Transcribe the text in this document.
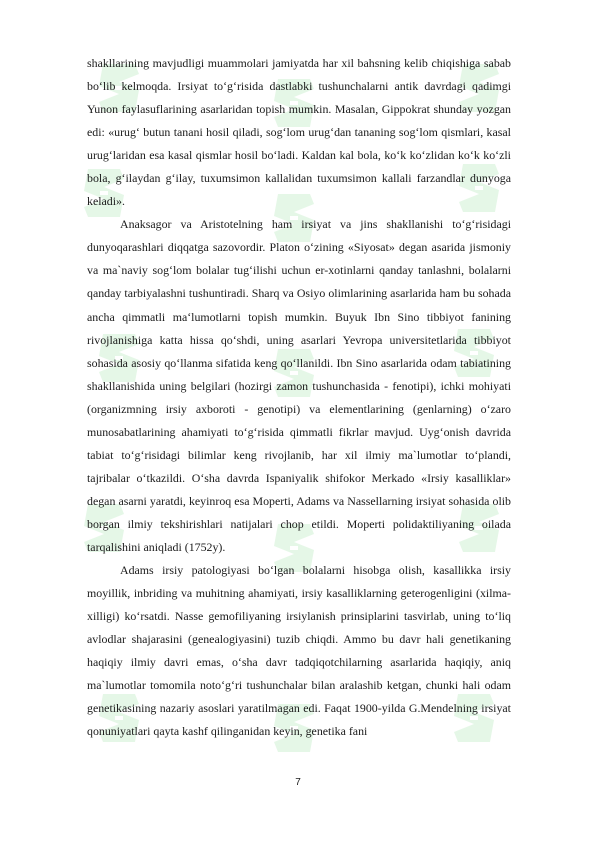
shakllarining mavjudligi muammolari jamiyatda har xil bahsning kelib chiqishiga sabab bo‘lib kelmoqda. Irsiyat to‘g‘risida dastlabki tushunchalarni antik davrdagi qadimgi Yunon faylasuflarining asarlaridan topish mumkin. Masalan, Gippokrat shunday yozgan edi: «urug‘ butun tanani hosil qiladi, sog‘lom urug‘dan tananing sog‘lom qismlari, kasal urug‘laridan esa kasal qismlar hosil bo‘ladi. Kaldan kal bola, ko‘k ko‘zlidan ko‘k ko‘zli bola, g‘ilaydan g‘ilay, tuxumsimon kallalidan tuxumsimon kallali farzandlar dunyoga keladi».

Anaksagor va Aristotelning ham irsiyat va jins shakllanishi to‘g‘risidagi dunyoqarashlari diqqatga sazovordir. Platon o‘zining «Siyosat» degan asarida jismoniy va ma`naviy sog‘lom bolalar tug‘ilishi uchun er-xotinlarni qanday tanlashni, bolalarni qanday tarbiyalashni tushuntiradi. Sharq va Osiyo olimlarining asarlarida ham bu sohada ancha qimmatli ma‘lumotlarni topish mumkin. Buyuk Ibn Sino tibbiyot fanining rivojlanishiga katta hissa qo‘shdi, uning asarlari Yevropa universitetlarida tibbiyot sohasida asosiy qo‘llanma sifatida keng qo‘llanildi. Ibn Sino asarlarida odam tabiatining shakllanishida uning belgilari (hozirgi zamon tushunchasida - fenotipi), ichki mohiyati (organizmning irsiy axboroti - genotipi) va elementlarining (genlarning) o‘zaro munosabatlarining ahamiyati to‘g‘risida qimmatli fikrlar mavjud. Uyg‘onish davrida tabiat to‘g‘risidagi bilimlar keng rivojlanib, har xil ilmiy ma`lumotlar to‘plandi, tajribalar o‘tkazildi. O‘sha davrda Ispaniyalik shifokor Merkado «Irsiy kasalliklar» degan asarni yaratdi, keyinroq esa Moperti, Adams va Nassellarning irsiyat sohasida olib borgan ilmiy tekshirishlari natijalari chop etildi. Moperti polidaktiliyaning oilada tarqalishini aniqladi (1752y).

Adams irsiy patologiyasi bo‘lgan bolalarni hisobga olish, kasallikka irsiy moyillik, inbriding va muhitning ahamiyati, irsiy kasalliklarning geterogenligini (xilma-xilligi) ko‘rsatdi. Nasse gemofiliyaning irsiylanish prinsiplarini tasvirlab, uning to‘liq avlodlar shajarasini (genealogiyasini) tuzib chiqdi. Ammo bu davr hali genetikaning haqiqiy ilmiy davri emas, o‘sha davr tadqiqotchilarning asarlarida haqiqiy, aniq ma`lumotlar tomomila noto‘g‘ri tushunchalar bilan aralashib ketgan, chunki hali odam genetikasining nazariy asoslari yaratilmagan edi. Faqat 1900-yilda G.Mendelning irsiyat qonuniyatlari qayta kashf qilinganidan keyin, genetika fani

7
